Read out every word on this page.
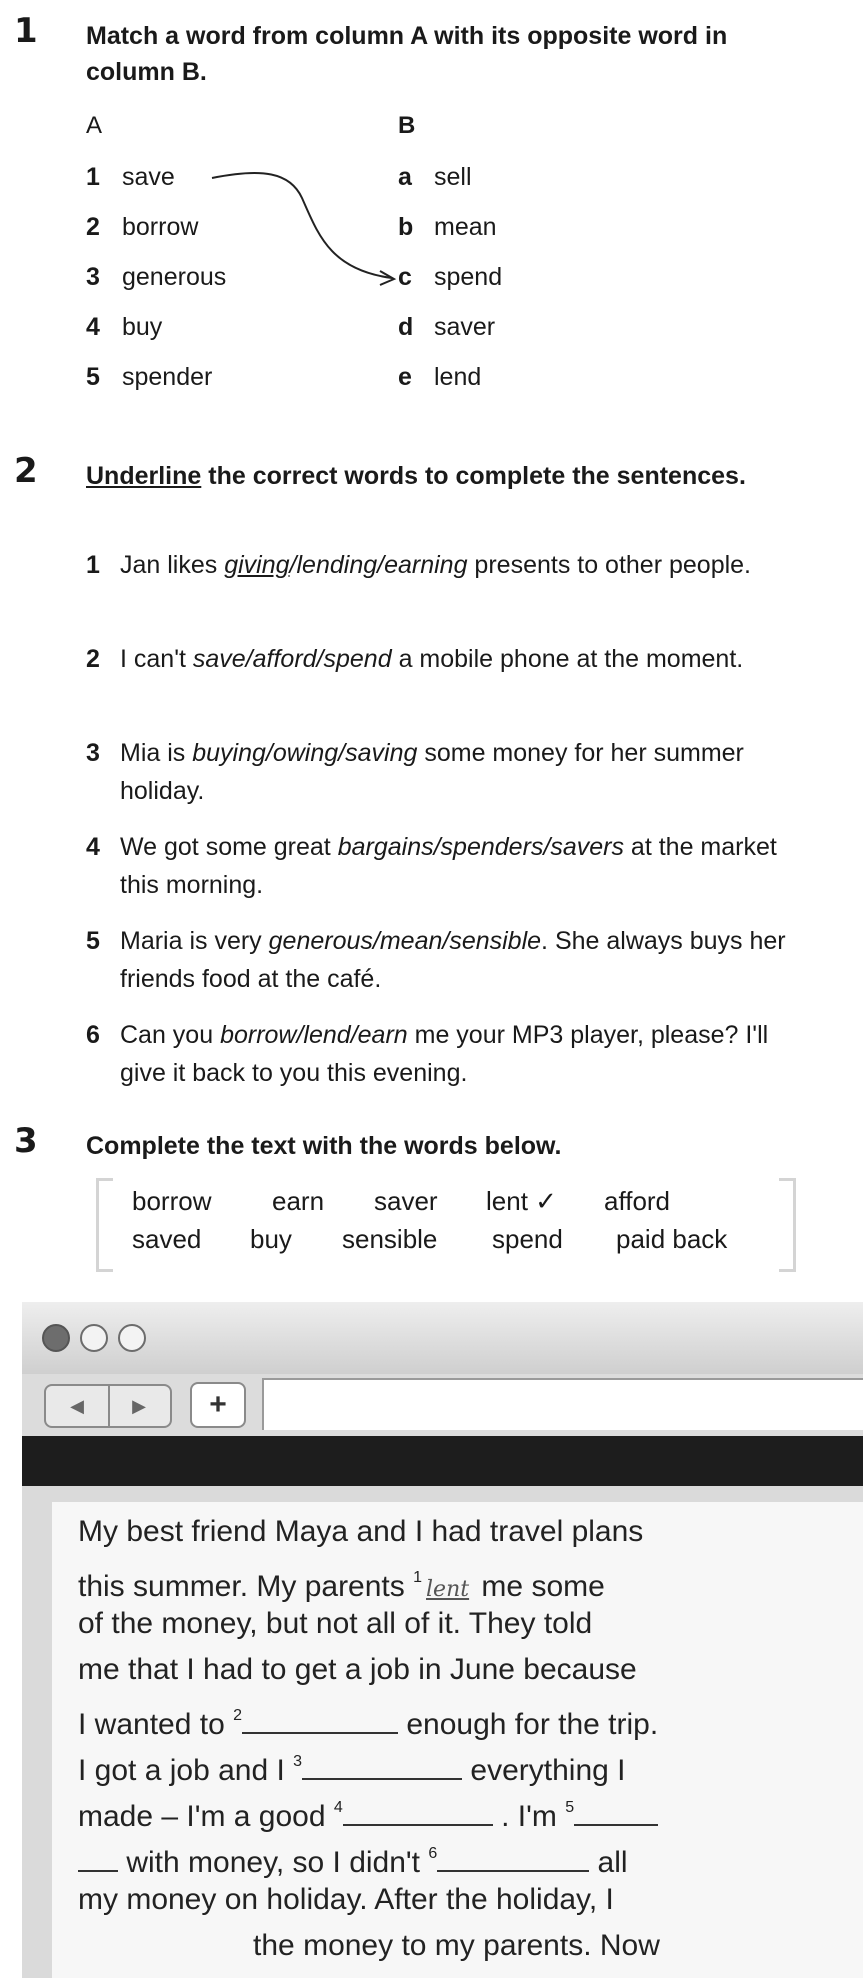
1 Match a word from column A with its opposite word in column B.
A	B
1 save
2 borrow
3 generous
4 buy
5 spender
a sell
b mean
c spend
d saver
e lend
2 Underline the correct words to complete the sentences.
1 Jan likes giving/lending/earning presents to other people.
2 I can't save/afford/spend a mobile phone at the moment.
3 Mia is buying/owing/saving some money for her summer holiday.
4 We got some great bargains/spenders/savers at the market this morning.
5 Maria is very generous/mean/sensible. She always buys her friends food at the café.
6 Can you borrow/lend/earn me your MP3 player, please? I'll give it back to you this evening.
3 Complete the text with the words below.
borrow earn saver lent ✓ afford
saved buy sensible spend paid back
◀	▶	+
My best friend Maya and I had travel plans
this summer. My parents $^1$ lent me some
of the money, but not all of it. They told
me that I had to get a job in June because
I wanted to $^2$	enough for the trip.
I got a job and I $^3$	everything I
made – I'm a good $^4$	. I'm $^5$
with money, so I didn't $^6$	all
my money on holiday. After the holiday, I
the money to my parents. Now
